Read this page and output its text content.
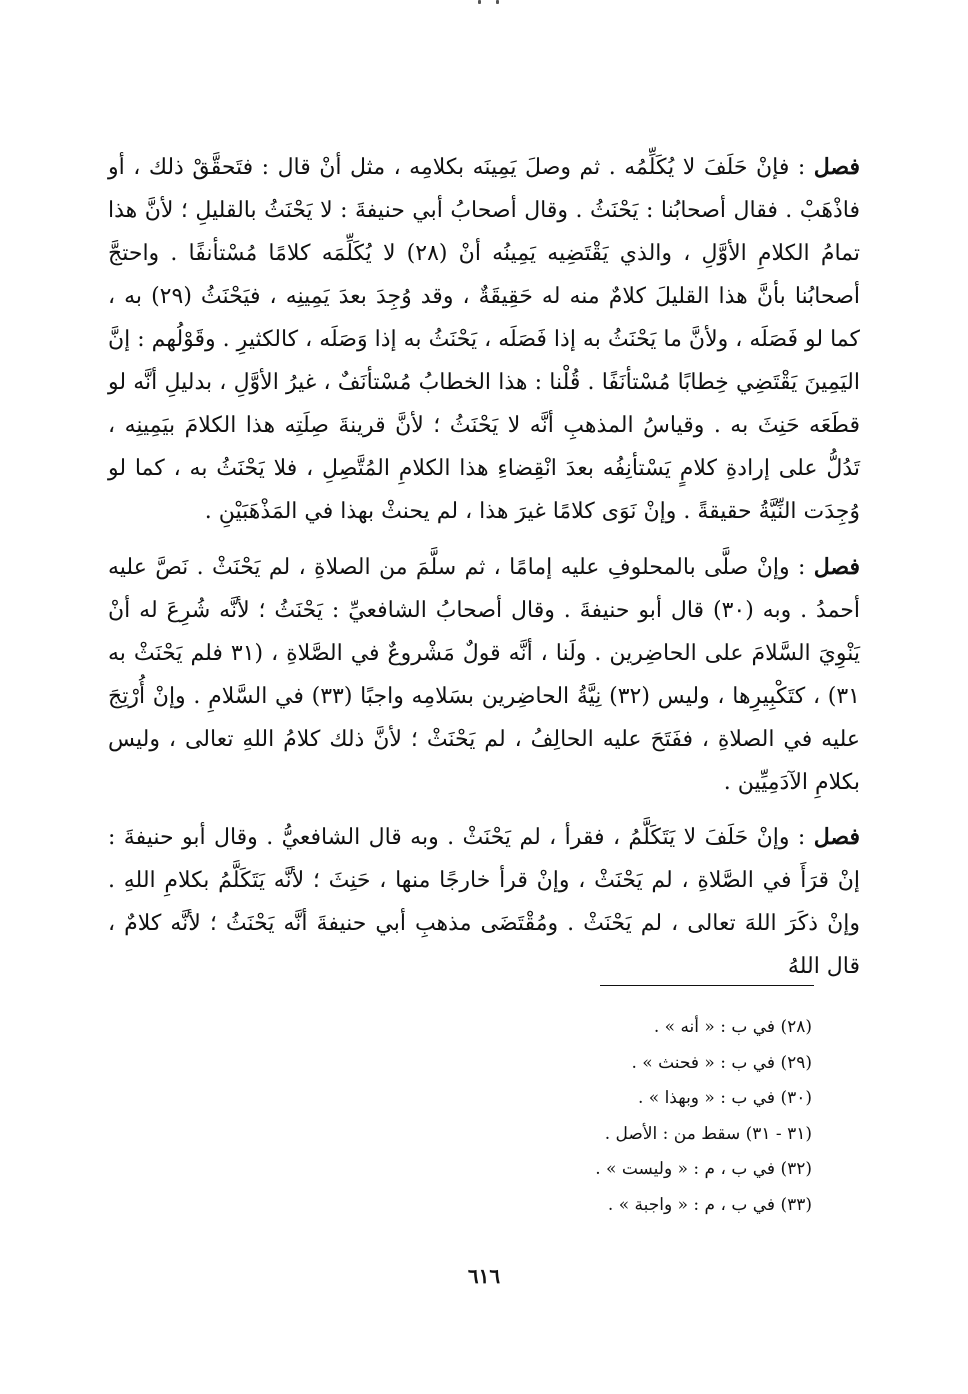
فصل : فإنْ حَلَفَ لا يُكَلِّمُه . ثم وصلَ يَمِينَه بكلامِه ، مثل أنْ قال : فتَحقَّقْ ذلك ، أو فاذْهَبْ . فقال أصحابُنا : يَحْنَثُ . وقال أصحابُ أبي حنيفةَ : لا يَحْنَثُ بالقليلِ ؛ لأنَّ هذا تمامُ الكلامِ الأوَّلِ ، والذي يَقْتَضِيه يَمِينُه أنْ (٢٨) لا يُكَلِّمَه كلامًا مُسْتأنفًا . واحتجَّ أصحابُنا بأنَّ هذا القليلَ كلامٌ منه له حَقِيقَةٌ ، وقد وُجِدَ بعدَ يَمِينِه ، فيَحْنَثُ (٢٩) به ، كما لو فَصَلَه ، ولأنَّ ما يَحْنَثُ به إذا فَصَلَه ، يَحْنَثُ به إذا وَصَلَه ، كالكثيرِ . وقَوْلُهم : إنَّ اليَمِينَ يَقْتَضِي خِطابًا مُسْتأنَفًا . قُلْنا : هذا الخطابُ مُسْتأنَفٌ ، غيرُ الأوَّلِ ، بدليلِ أنَّه لو قطَعَه حَنِثَ به . وقياسُ المذهبِ أنَّه لا يَحْنَثُ ؛ لأنَّ قرينةَ صِلَتِه هذا الكلامَ بيَمِينِه ، تَدُلُّ على إرادةِ كلامٍ يَسْتأنِفُه بعدَ انْقِضاءِ هذا الكلامِ المُتَّصِلِ ، فلا يَحْنَثُ به ، كما لو وُجِدَت النِّيَّةُ حقيقةً . وإنْ نَوَى كلامًا غيرَ هذا ، لم يحنثْ بهذا في المَذْهَبَيْنِ .

فصل : وإنْ صلَّى بالمحلوفِ عليه إمامًا ، ثم سلَّمَ من الصلاةِ ، لم يَحْنَثْ . نَصَّ عليه أحمدُ . وبه (٣٠) قال أبو حنيفةَ . وقال أصحابُ الشافعيِّ : يَحْنَثُ ؛ لأنَّه شُرِعَ له أنْ يَنْوِيَ السَّلامَ على الحاضِرين . ولَنا ، أنَّه قولٌ مَشْروعٌ في الصَّلاةِ ، (٣١ فلم يَحْنَثْ به ٣١) ، كتَكْبِيرِها ، وليس (٣٢) نِيَّةُ الحاضِرين بسَلامِه واجبًا (٣٣) في السَّلامِ . وإنْ أُرْتِجَ عليه في الصلاةِ ، ففَتَحَ عليه الحالِفُ ، لم يَحْنَثْ ؛ لأنَّ ذلك كلامُ اللهِ تعالى ، وليس بكلامِ الآدَمِيِّين .

فصل : وإنْ حَلَفَ لا يَتَكَلَّمُ ، فقرأ ، لم يَحْنَثْ . وبه قال الشافعيُّ . وقال أبو حنيفةَ : إنْ قرَأَ في الصَّلاةِ ، لم يَحْنَثْ ، وإنْ قرأ خارجًا منها ، حَنِثَ ؛ لأنَّه يَتَكَلَّمُ بكلامِ اللهِ . وإنْ ذكَرَ اللهَ تعالى ، لم يَحْنَثْ . ومُقْتَضَى مذهبِ أبي حنيفةَ أنَّه يَحْنَثُ ؛ لأنَّه كلامٌ ، قال اللهُ

(٢٨) في ب : « أنه » .
(٢٩) في ب : « فحنث » .
(٣٠) في ب : « وبهذا » .
(٣١ - ٣١) سقط من : الأصل .
(٣٢) في ب ، م : « وليست » .
(٣٣) في ب ، م : « واجبة » .
٦١٦
